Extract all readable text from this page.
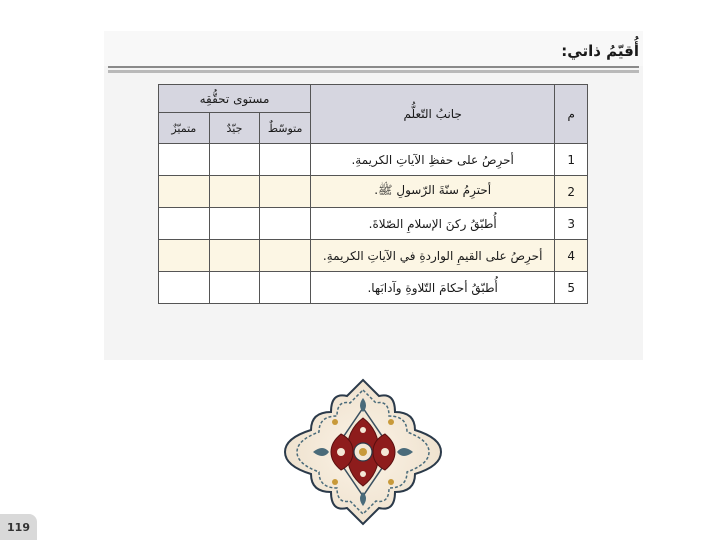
أُقيّمُ ذاتي:
م	جانبُ التّعلُّم	مستوى تحقُّقِه		
		متوسّطٌ	جيّدٌ	متميّزٌ
1	أحرِصُ على حفظِ الآياتِ الكريمةِ.			
2	أحترِمُ سنّةَ الرّسولِ ﷺ.			
3	أُطبّقُ ركنَ الإسلامِ الصّلاةَ.			
4	أحرِصُ على القيمِ الواردةِ في الآياتِ الكريمةِ.			
5	أُطبّقُ أحكامَ التّلاوةِ وآدابَها.			
119
